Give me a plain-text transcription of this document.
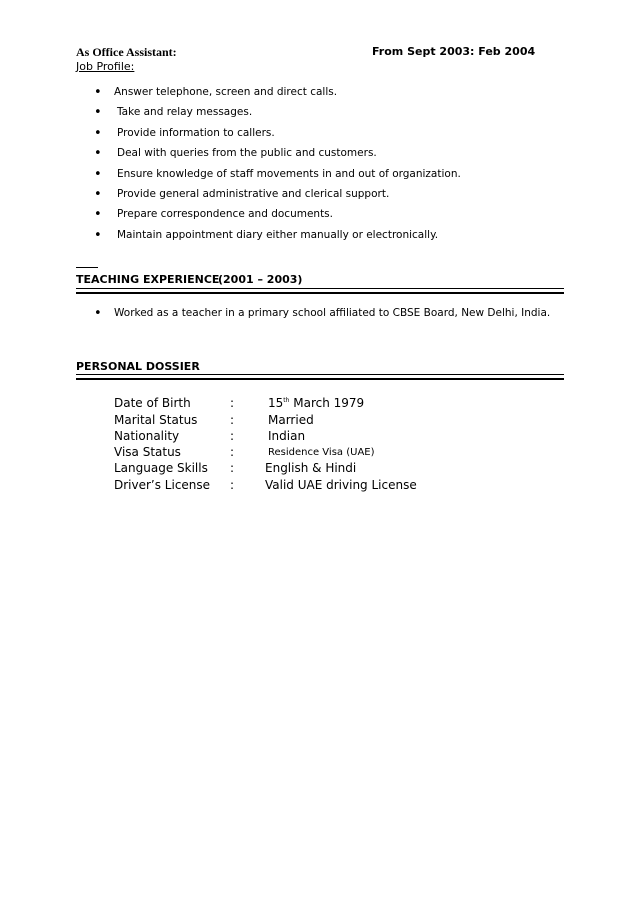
As Office Assistant:	From Sept 2003: Feb 2004
Job Profile:
• Answer telephone, screen and direct calls.
• Take and relay messages.
• Provide information to callers.
• Deal with queries from the public and customers.
• Ensure knowledge of staff movements in and out of organization.
• Provide general administrative and clerical support.
• Prepare correspondence and documents.
• Maintain appointment diary either manually or electronically.
TEACHING EXPERIENCE
(2001 – 2003)
• Worked as a teacher in a primary school affiliated to CBSE Board, New Delhi, India.
PERSONAL DOSSIER
Date of Birth	:	15th March 1979
Marital Status	:	Married
Nationality	:	Indian
Visa Status	:	Residence Visa (UAE)
Language Skills :	English & Hindi
Driver’s License :	Valid UAE driving License
